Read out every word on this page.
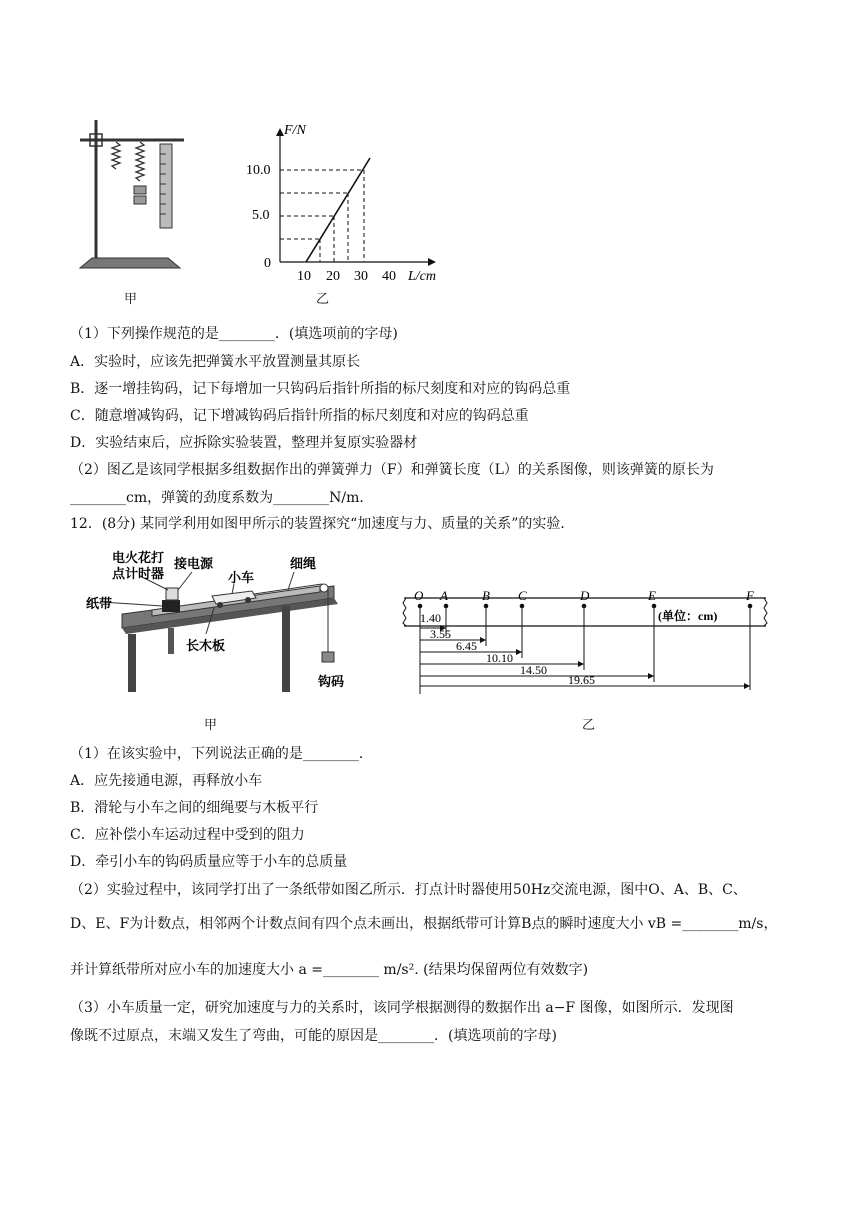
甲
F/N
L/cm
10.0
5.0
0
10 20 30 40
乙
（1）下列操作规范的是________．(填选项前的字母)
A．实验时，应该先把弹簧水平放置测量其原长
B．逐一增挂钩码，记下每增加一只钩码后指针所指的标尺刻度和对应的钩码总重
C．随意增减钩码，记下增减钩码后指针所指的标尺刻度和对应的钩码总重
D．实验结束后，应拆除实验装置，整理并复原实验器材
（2）图乙是该同学根据多组数据作出的弹簧弹力（F）和弹簧长度（L）的关系图像，则该弹簧的原长为
________cm，弹簧的劲度系数为________N/m．
12．(8分) 某同学利用如图甲所示的装置探究“加速度与力、质量的关系”的实验．
电火花打
点计时器
接电源
小车
细绳
纸带
长木板
钩码
甲
O A	B C	D	E	F
(单位：cm)
1.40
3.55
6.45
10.10
14.50
19.65
乙
（1）在该实验中，下列说法正确的是________．
A．应先接通电源，再释放小车
B．滑轮与小车之间的细绳要与木板平行
C．应补偿小车运动过程中受到的阻力
D．牵引小车的钩码质量应等于小车的总质量
（2）实验过程中，该同学打出了一条纸带如图乙所示．打点计时器使用50Hz交流电源，图中O、A、B、C、
D、E、F为计数点，相邻两个计数点间有四个点未画出，根据纸带可计算B点的瞬时速度大小 vB =________m/s，
并计算纸带所对应小车的加速度大小 a =________ m/s². (结果均保留两位有效数字)
（3）小车质量一定，研究加速度与力的关系时，该同学根据测得的数据作出 a−F 图像，如图所示．发现图
像既不过原点，末端又发生了弯曲，可能的原因是________．(填选项前的字母)
